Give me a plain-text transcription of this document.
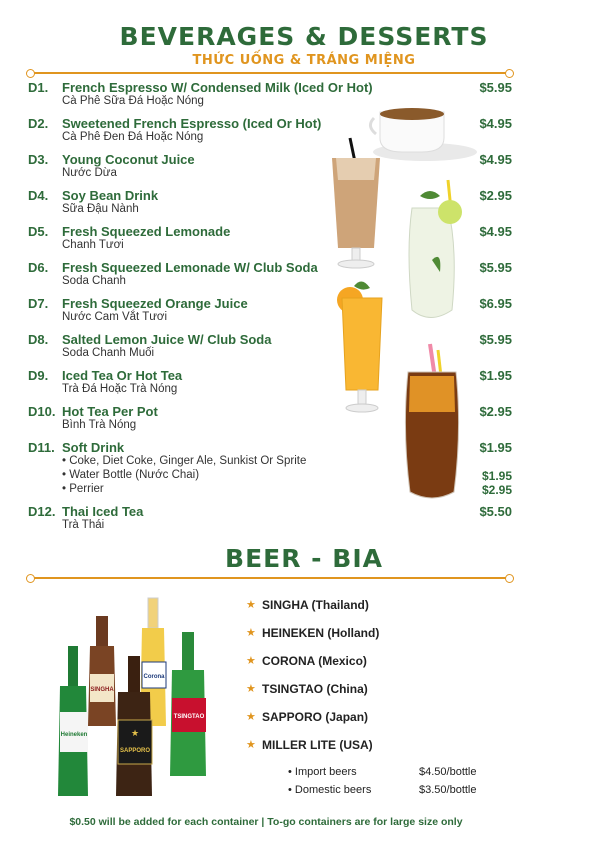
BEVERAGES & DESSERTS
THỨC UỐNG & TRÁNG MIỆNG
D1. French Espresso W/ Condensed Milk (Iced Or Hot)
Cà Phê Sữa Đá Hoặc Nóng
$5.95
D2. Sweetened French Espresso (Iced Or Hot)
Cà Phê Đen Đá Hoặc Nóng
$4.95
D3. Young Coconut Juice
Nước Dừa
$4.95
D4. Soy Bean Drink
Sữa Đậu Nành
$2.95
D5. Fresh Squeezed Lemonade
Chanh Tươi
$4.95
D6. Fresh Squeezed Lemonade W/ Club Soda
Soda Chanh
$5.95
D7. Fresh Squeezed Orange Juice
Nước Cam Vắt Tươi
$6.95
D8. Salted Lemon Juice W/ Club Soda
Soda Chanh Muối
$5.95
D9. Iced Tea Or Hot Tea
Trà Đá Hoặc Trà Nóng
$1.95
D10. Hot Tea Per Pot
Bình Trà Nóng
$2.95
D11. Soft Drink	$1.95
• Coke, Diet Coke, Ginger Ale, Sunkist Or Sprite
• Water Bottle (Nước Chai)	$1.95
• Perrier	$2.95
D12. Thai Iced Tea
Trà Thái
$5.50
BEER - BIA
SINGHA
Corona
Heineken
TSINGTAO
★
SAPPORO
★ SINGHA (Thailand)
★ HEINEKEN (Holland)
★ CORONA (Mexico)
★ TSINGTAO (China)
★ SAPPORO (Japan)
★ MILLER LITE (USA)
• Import beers	$4.50/bottle
• Domestic beers	$3.50/bottle
$0.50 will be added for each container | To-go containers are for large size only
